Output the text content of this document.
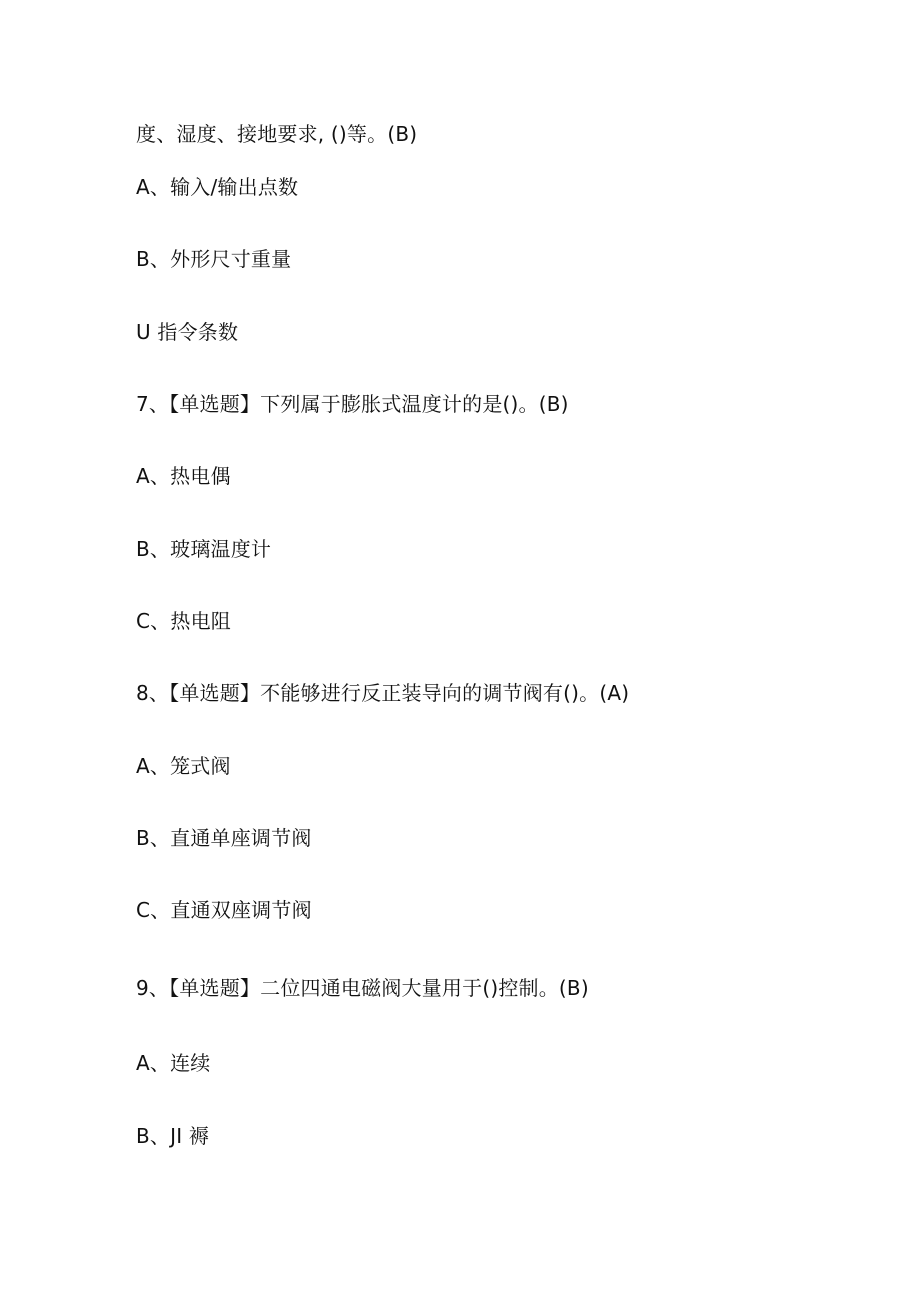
度、湿度、接地要求, ()等。(B)
A、输入/输出点数
B、外形尺寸重量
U 指令条数
7、【单选题】下列属于膨胀式温度计的是()。(B)
A、热电偶
B、玻璃温度计
C、热电阻
8、【单选题】不能够进行反正装导向的调节阀有()。(A)
A、笼式阀
B、直通单座调节阀
C、直通双座调节阀
9、【单选题】二位四通电磁阀大量用于()控制。(B)
A、连续
B、JI 褥
